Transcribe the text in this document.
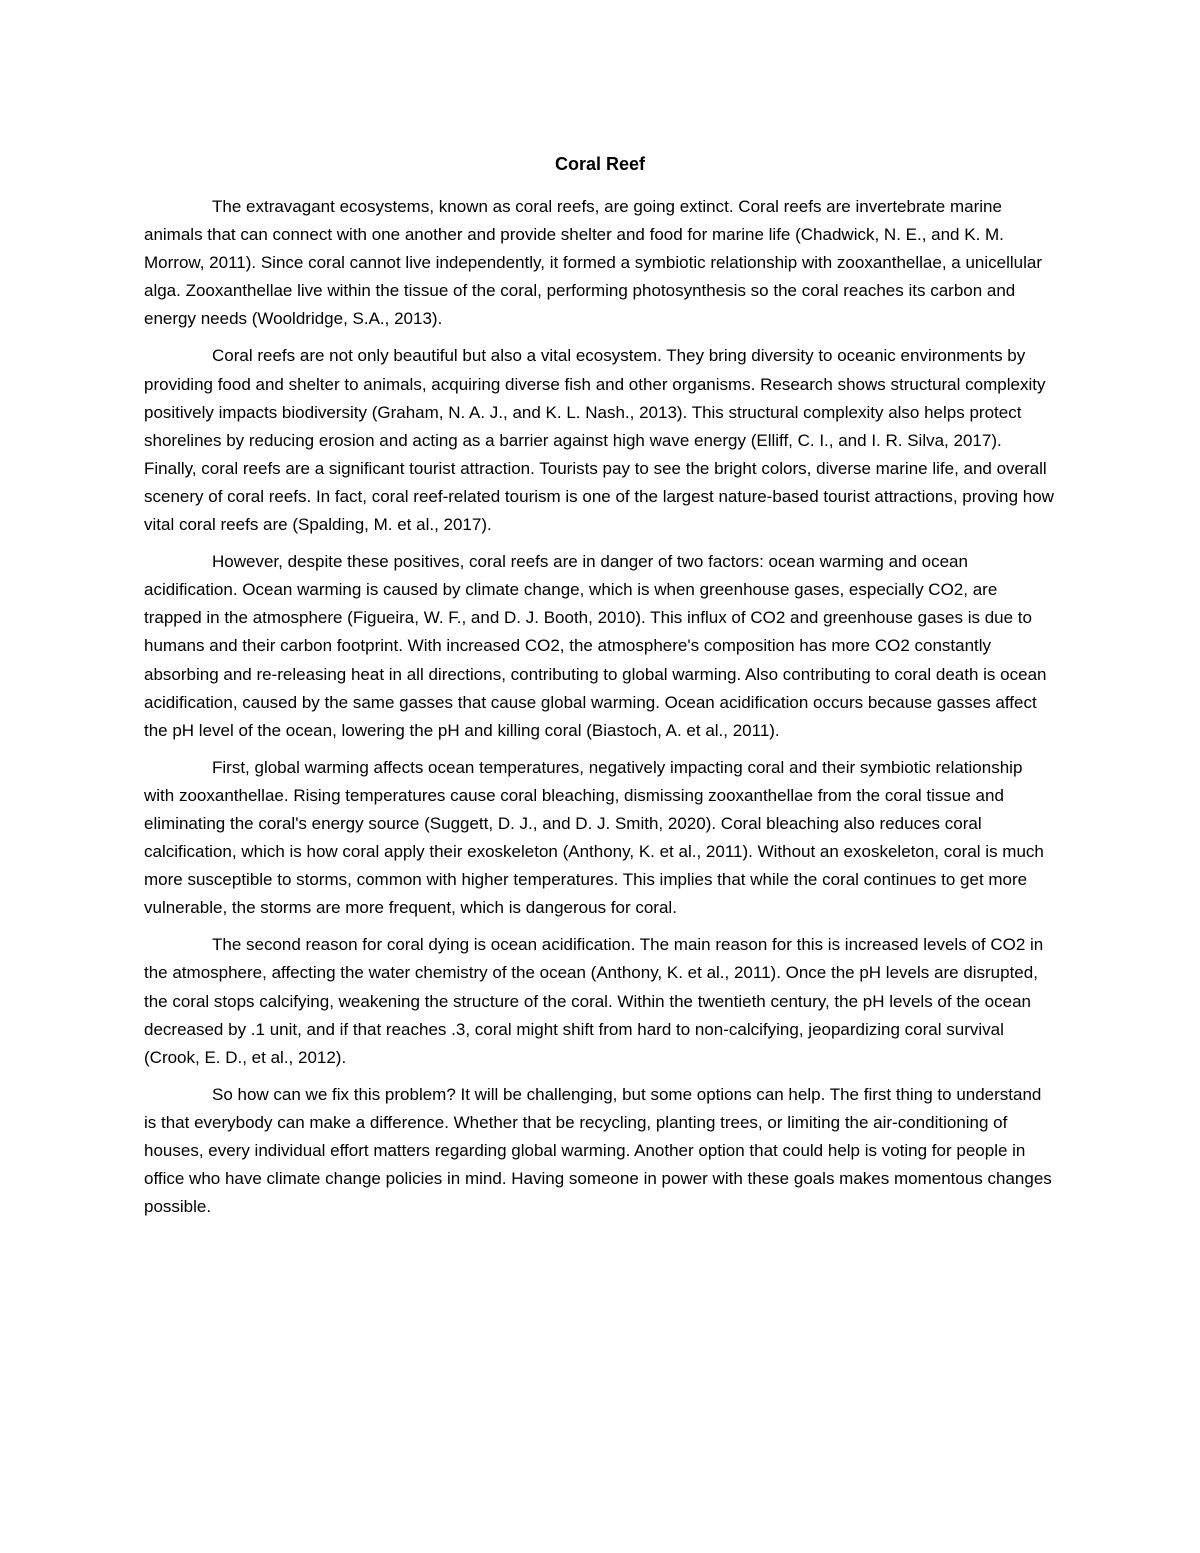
Coral Reef

The extravagant ecosystems, known as coral reefs, are going extinct. Coral reefs are invertebrate marine animals that can connect with one another and provide shelter and food for marine life (Chadwick, N. E., and K. M. Morrow, 2011). Since coral cannot live independently, it formed a symbiotic relationship with zooxanthellae, a unicellular alga. Zooxanthellae live within the tissue of the coral, performing photosynthesis so the coral reaches its carbon and energy needs (Wooldridge, S.A., 2013).

Coral reefs are not only beautiful but also a vital ecosystem. They bring diversity to oceanic environments by providing food and shelter to animals, acquiring diverse fish and other organisms. Research shows structural complexity positively impacts biodiversity (Graham, N. A. J., and K. L. Nash., 2013). This structural complexity also helps protect shorelines by reducing erosion and acting as a barrier against high wave energy (Elliff, C. I., and I. R. Silva, 2017). Finally, coral reefs are a significant tourist attraction. Tourists pay to see the bright colors, diverse marine life, and overall scenery of coral reefs. In fact, coral reef-related tourism is one of the largest nature-based tourist attractions, proving how vital coral reefs are (Spalding, M. et al., 2017).

However, despite these positives, coral reefs are in danger of two factors: ocean warming and ocean acidification. Ocean warming is caused by climate change, which is when greenhouse gases, especially CO2, are trapped in the atmosphere (Figueira, W. F., and D. J. Booth, 2010). This influx of CO2 and greenhouse gases is due to humans and their carbon footprint. With increased CO2, the atmosphere's composition has more CO2 constantly absorbing and re-releasing heat in all directions, contributing to global warming. Also contributing to coral death is ocean acidification, caused by the same gasses that cause global warming. Ocean acidification occurs because gasses affect the pH level of the ocean, lowering the pH and killing coral (Biastoch, A. et al., 2011).

First, global warming affects ocean temperatures, negatively impacting coral and their symbiotic relationship with zooxanthellae. Rising temperatures cause coral bleaching, dismissing zooxanthellae from the coral tissue and eliminating the coral's energy source (Suggett, D. J., and D. J. Smith, 2020). Coral bleaching also reduces coral calcification, which is how coral apply their exoskeleton (Anthony, K. et al., 2011). Without an exoskeleton, coral is much more susceptible to storms, common with higher temperatures. This implies that while the coral continues to get more vulnerable, the storms are more frequent, which is dangerous for coral.

The second reason for coral dying is ocean acidification. The main reason for this is increased levels of CO2 in the atmosphere, affecting the water chemistry of the ocean (Anthony, K. et al., 2011). Once the pH levels are disrupted, the coral stops calcifying, weakening the structure of the coral. Within the twentieth century, the pH levels of the ocean decreased by .1 unit, and if that reaches .3, coral might shift from hard to non-calcifying, jeopardizing coral survival (Crook, E. D., et al., 2012).

So how can we fix this problem? It will be challenging, but some options can help. The first thing to understand is that everybody can make a difference. Whether that be recycling, planting trees, or limiting the air-conditioning of houses, every individual effort matters regarding global warming. Another option that could help is voting for people in office who have climate change policies in mind. Having someone in power with these goals makes momentous changes possible.
